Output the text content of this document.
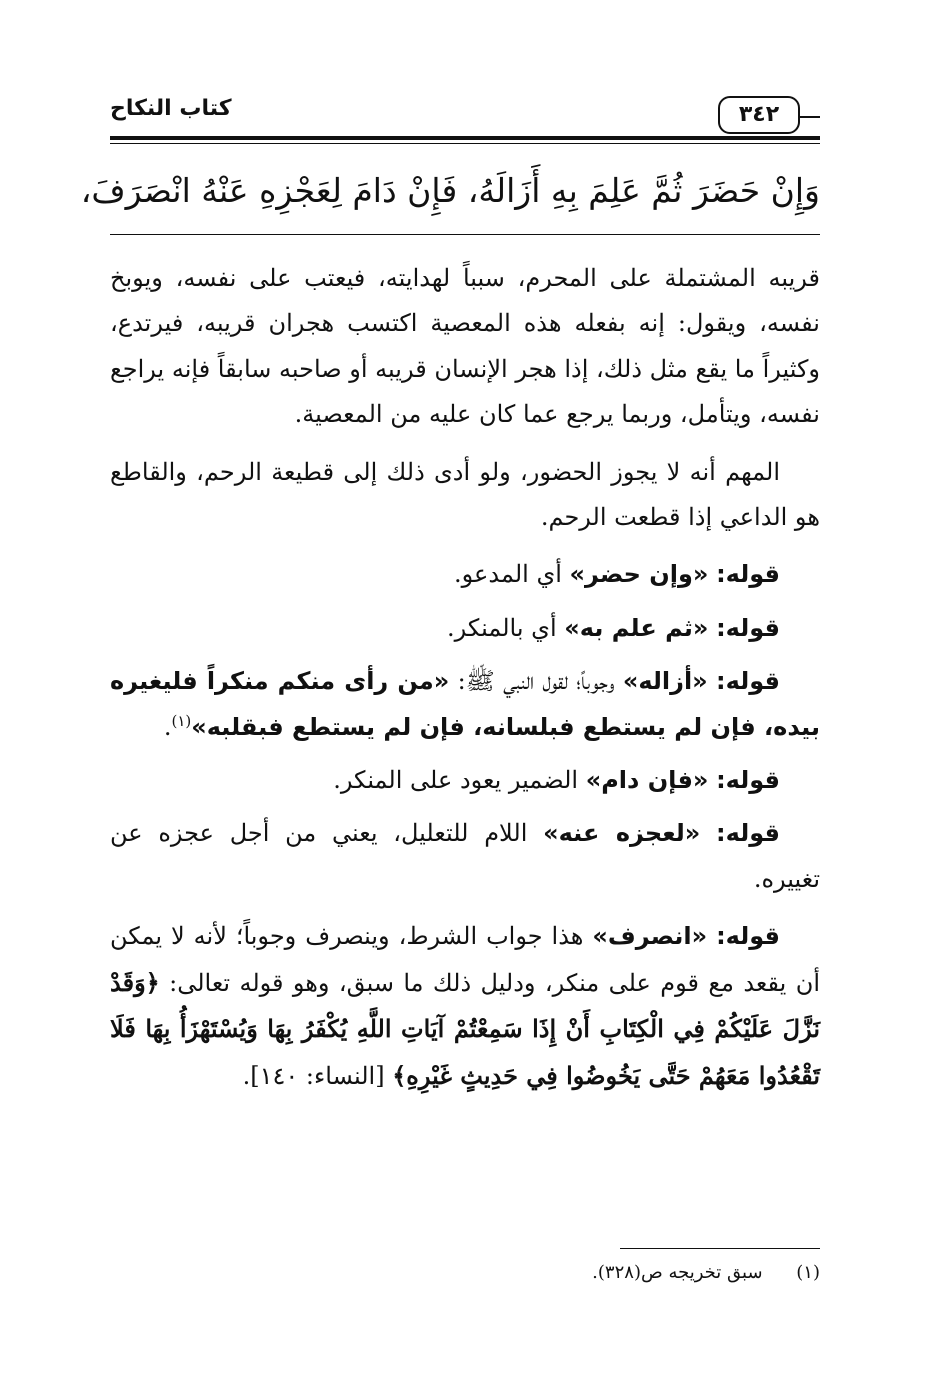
كتاب النكاح	٣٤٢
وَإِنْ حَضَرَ ثُمَّ عَلِمَ بِهِ أَزَالَهُ، فَإِنْ دَامَ لِعَجْزِهِ عَنْهُ انْصَرَفَ،

قريبه المشتملة على المحرم، سبباً لهدايته، فيعتب على نفسه، ويوبخ نفسه، ويقول: إنه بفعله هذه المعصية اكتسب هجران قريبه، فيرتدع، وكثيراً ما يقع مثل ذلك، إذا هجر الإنسان قريبه أو صاحبه سابقاً فإنه يراجع نفسه، ويتأمل، وربما يرجع عما كان عليه من المعصية.

المهم أنه لا يجوز الحضور، ولو أدى ذلك إلى قطيعة الرحم، والقاطع هو الداعي إذا قطعت الرحم.

قوله: «وإن حضر» أي المدعو.

قوله: «ثم علم به» أي بالمنكر.

قوله: «أزاله» وجوباً؛ لقول النبي ﷺ: «من رأى منكم منكراً فليغيره بيده، فإن لم يستطع فبلسانه، فإن لم يستطع فبقلبه»$^{(١)}$.

قوله: «فإن دام» الضمير يعود على المنكر.

قوله: «لعجزه عنه» اللام للتعليل، يعني من أجل عجزه عن تغييره.

قوله: «انصرف» هذا جواب الشرط، وينصرف وجوباً؛ لأنه لا يمكن أن يقعد مع قوم على منكر، ودليل ذلك ما سبق، وهو قوله تعالى: ﴿وَقَدْ نَزَّلَ عَلَيْكُمْ فِي الْكِتَابِ أَنْ إِذَا سَمِعْتُمْ آيَاتِ اللَّهِ يُكْفَرُ بِهَا وَيُسْتَهْزَأُ بِهَا فَلَا تَقْعُدُوا مَعَهُمْ حَتَّى يَخُوضُوا فِي حَدِيثٍ غَيْرِهِ﴾ [النساء: ١٤٠].

(١) سبق تخريجه ص(٣٢٨).
